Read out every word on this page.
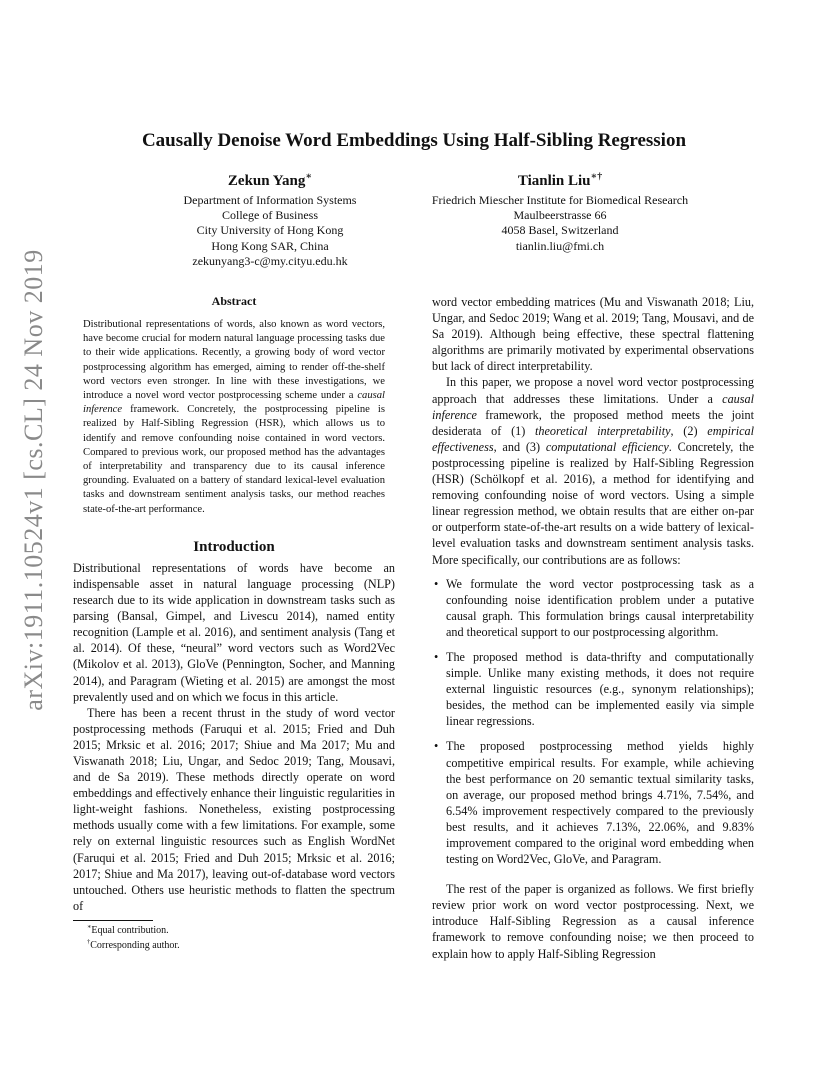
arXiv:1911.10524v1 [cs.CL] 24 Nov 2019
Causally Denoise Word Embeddings Using Half-Sibling Regression
Zekun Yang∗
Department of Information Systems
College of Business
City University of Hong Kong
Hong Kong SAR, China
zekunyang3-c@my.cityu.edu.hk
Tianlin Liu∗†
Friedrich Miescher Institute for Biomedical Research
Maulbeerstrasse 66
4058 Basel, Switzerland
tianlin.liu@fmi.ch
Abstract

Distributional representations of words, also known as word vectors, have become crucial for modern natural language processing tasks due to their wide applications. Recently, a growing body of word vector postprocessing algorithm has emerged, aiming to render off-the-shelf word vectors even stronger. In line with these investigations, we introduce a novel word vector postprocessing scheme under a causal inference framework. Concretely, the postprocessing pipeline is realized by Half-Sibling Regression (HSR), which allows us to identify and remove confounding noise contained in word vectors. Compared to previous work, our proposed method has the advantages of interpretability and transparency due to its causal inference grounding. Evaluated on a battery of standard lexical-level evaluation tasks and downstream sentiment analysis tasks, our method reaches state-of-the-art performance.

Introduction

Distributional representations of words have become an indispensable asset in natural language processing (NLP) research due to its wide application in downstream tasks such as parsing (Bansal, Gimpel, and Livescu 2014), named entity recognition (Lample et al. 2016), and sentiment analysis (Tang et al. 2014). Of these, “neural” word vectors such as Word2Vec (Mikolov et al. 2013), GloVe (Pennington, Socher, and Manning 2014), and Paragram (Wieting et al. 2015) are amongst the most prevalently used and on which we focus in this article.

There has been a recent thrust in the study of word vector postprocessing methods (Faruqui et al. 2015; Fried and Duh 2015; Mrksic et al. 2016; 2017; Shiue and Ma 2017; Mu and Viswanath 2018; Liu, Ungar, and Sedoc 2019; Tang, Mousavi, and de Sa 2019). These methods directly operate on word embeddings and effectively enhance their linguistic regularities in light-weight fashions. Nonetheless, existing postprocessing methods usually come with a few limitations. For example, some rely on external linguistic resources such as English WordNet (Faruqui et al. 2015; Fried and Duh 2015; Mrksic et al. 2016; 2017; Shiue and Ma 2017), leaving out-of-database word vectors untouched. Others use heuristic methods to flatten the spectrum of

∗Equal contribution.
†Corresponding author.

word vector embedding matrices (Mu and Viswanath 2018; Liu, Ungar, and Sedoc 2019; Wang et al. 2019; Tang, Mousavi, and de Sa 2019). Although being effective, these spectral flattening algorithms are primarily motivated by experimental observations but lack of direct interpretability.

In this paper, we propose a novel word vector postprocessing approach that addresses these limitations. Under a causal inference framework, the proposed method meets the joint desiderata of (1) theoretical interpretability, (2) empirical effectiveness, and (3) computational efficiency. Concretely, the postprocessing pipeline is realized by Half-Sibling Regression (HSR) (Schölkopf et al. 2016), a method for identifying and removing confounding noise of word vectors. Using a simple linear regression method, we obtain results that are either on-par or outperform state-of-the-art results on a wide battery of lexical-level evaluation tasks and downstream sentiment analysis tasks. More specifically, our contributions are as follows:

• We formulate the word vector postprocessing task as a confounding noise identification problem under a putative causal graph. This formulation brings causal interpretability and theoretical support to our postprocessing algorithm.
• The proposed method is data-thrifty and computationally simple. Unlike many existing methods, it does not require external linguistic resources (e.g., synonym relationships); besides, the method can be implemented easily via simple linear regressions.
• The proposed postprocessing method yields highly competitive empirical results. For example, while achieving the best performance on 20 semantic textual similarity tasks, on average, our proposed method brings 4.71%, 7.54%, and 6.54% improvement respectively compared to the previously best results, and it achieves 7.13%, 22.06%, and 9.83% improvement compared to the original word embedding when testing on Word2Vec, GloVe, and Paragram.

The rest of the paper is organized as follows. We first briefly review prior work on word vector postprocessing. Next, we introduce Half-Sibling Regression as a causal inference framework to remove confounding noise; we then proceed to explain how to apply Half-Sibling Regression
